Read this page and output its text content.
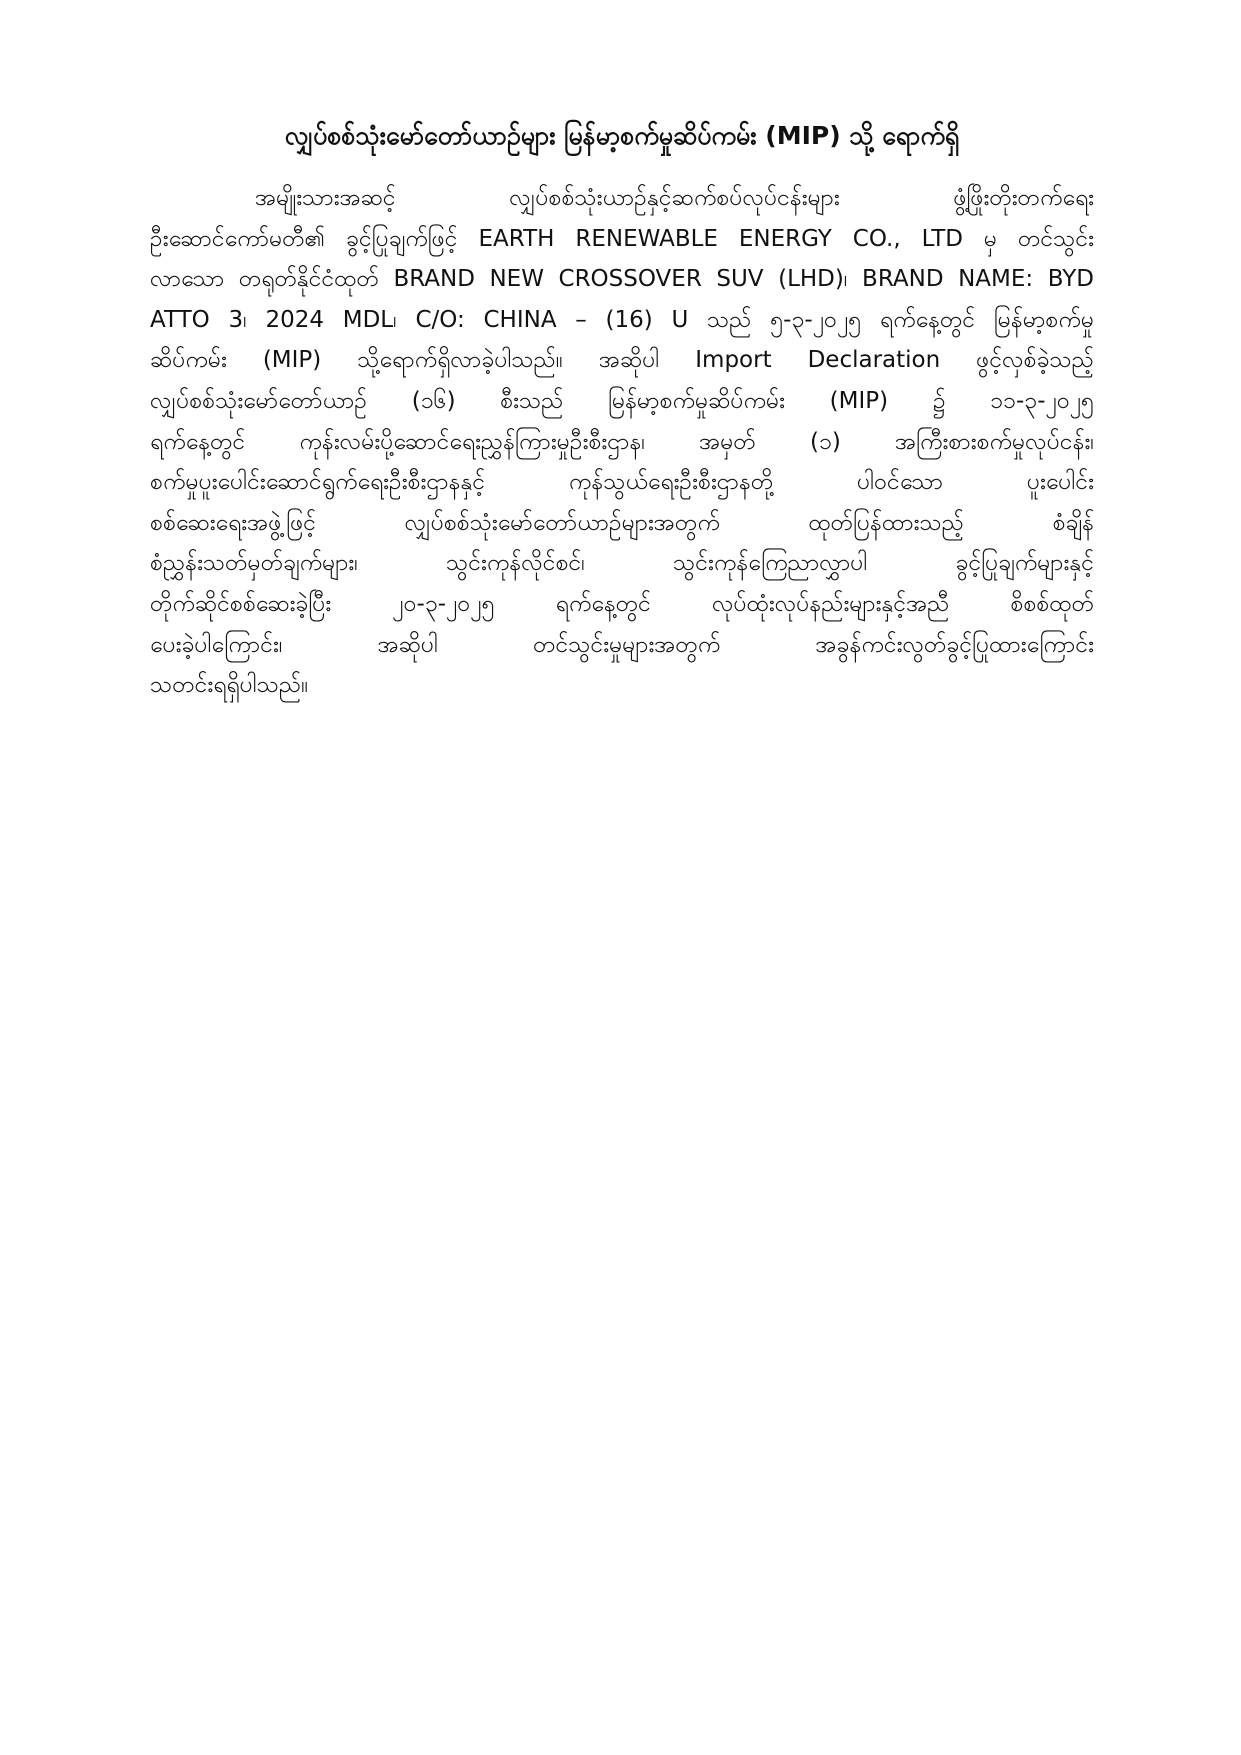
လျှပ်စစ်သုံးမော်တော်ယာဉ်များ မြန်မာ့စက်မှုဆိပ်ကမ်း (MIP) သို့ ရောက်ရှိ
အမျိုးသားအဆင့် လျှပ်စစ်သုံးယာဉ်နှင့်ဆက်စပ်လုပ်ငန်းများ ဖွံ့ဖြိုးတိုးတက်ရေး
ဦးဆောင်ကော်မတီ၏ ခွင့်ပြုချက်ဖြင့် EARTH RENEWABLE ENERGY CO., LTD မှ တင်သွင်း
လာသော တရုတ်နိုင်ငံထုတ် BRAND NEW CROSSOVER SUV (LHD)၊ BRAND NAME: BYD
ATTO 3၊ 2024 MDL၊ C/O: CHINA – (16) U သည် ၅-၃-၂၀၂၅ ရက်နေ့တွင် မြန်မာ့စက်မှု
ဆိပ်ကမ်း (MIP) သို့ရောက်ရှိလာခဲ့ပါသည်။ အဆိုပါ Import Declaration ဖွင့်လှစ်ခဲ့သည့်
လျှပ်စစ်သုံးမော်တော်ယာဉ် (၁၆) စီးသည် မြန်မာ့စက်မှုဆိပ်ကမ်း (MIP) ၌ ၁၁-၃-၂၀၂၅
ရက်နေ့တွင် ကုန်းလမ်းပို့ဆောင်ရေးညွှန်ကြားမှုဦးစီးဌာန၊ အမှတ် (၁) အကြီးစားစက်မှုလုပ်ငန်း၊
စက်မှုပူးပေါင်းဆောင်ရွက်ရေးဦးစီးဌာနနှင့် ကုန်သွယ်ရေးဦးစီးဌာနတို့ ပါဝင်သော ပူးပေါင်း
စစ်ဆေးရေးအဖွဲ့ဖြင့် လျှပ်စစ်သုံးမော်တော်ယာဉ်များအတွက် ထုတ်ပြန်ထားသည့် စံချိန်
စံညွှန်းသတ်မှတ်ချက်များ၊ သွင်းကုန်လိုင်စင်၊ သွင်းကုန်ကြေညာလွှာပါ ခွင့်ပြုချက်များနှင့်
တိုက်ဆိုင်စစ်ဆေးခဲ့ပြီး ၂၀-၃-၂၀၂၅ ရက်နေ့တွင် လုပ်ထုံးလုပ်နည်းများနှင့်အညီ စိစစ်ထုတ်
ပေးခဲ့ပါကြောင်း၊ အဆိုပါ တင်သွင်းမှုများအတွက် အခွန်ကင်းလွတ်ခွင့်ပြုထားကြောင်း
သတင်းရရှိပါသည်။
